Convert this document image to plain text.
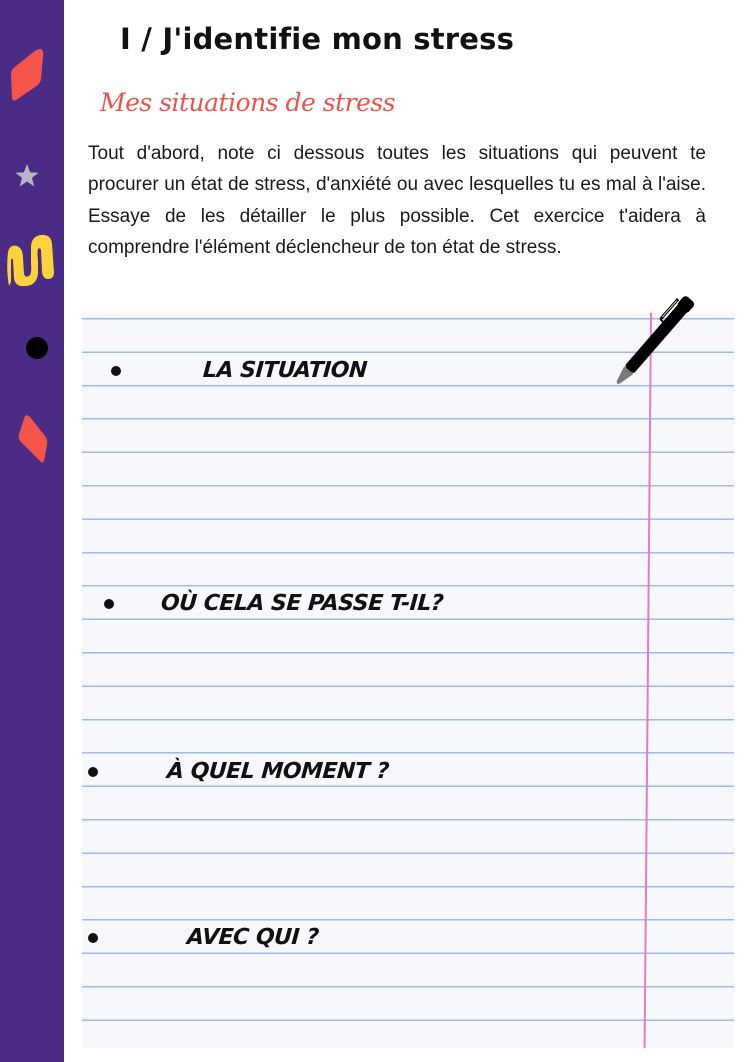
I / J'identifie mon stress
Mes situations de stress

Tout d'abord, note ci dessous toutes les situations qui peuvent te procurer un état de stress, d'anxiété ou avec lesquelles tu es mal à l'aise. Essaye de les détailler le plus possible. Cet exercice t'aidera à comprendre l'élément déclencheur de ton état de stress.

LA SITUATION
OÙ CELA SE PASSE T-IL?
À QUEL MOMENT ?
AVEC QUI ?
